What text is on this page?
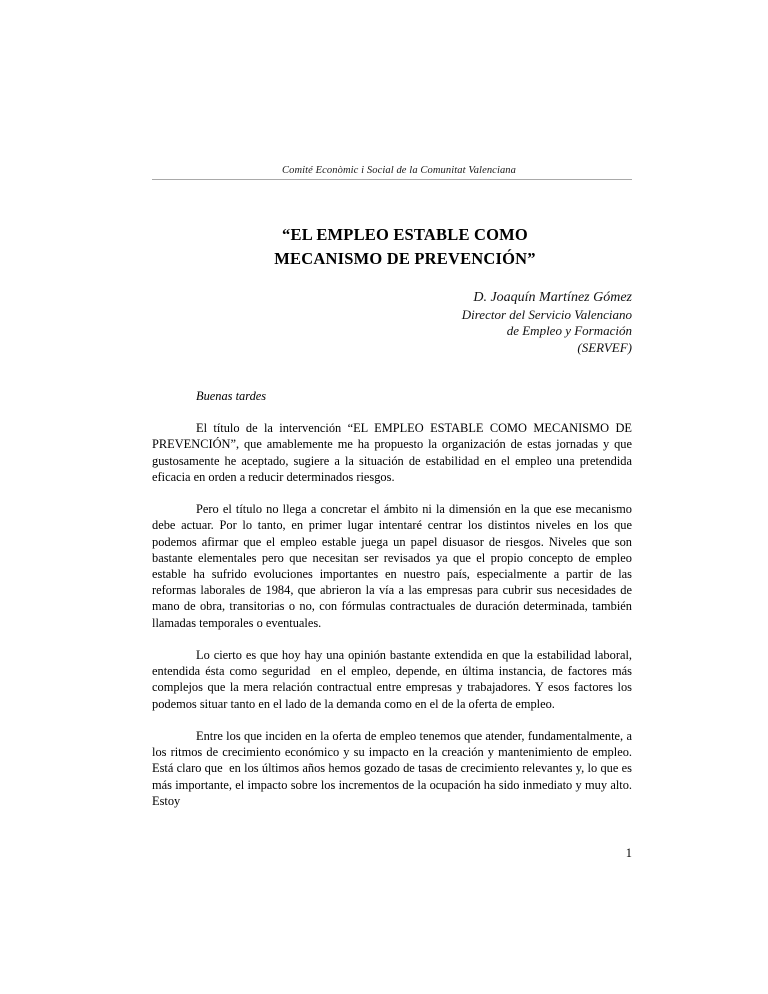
Comité Econòmic i Social de la Comunitat Valenciana
“EL EMPLEO ESTABLE COMO
MECANISMO DE PREVENCIÓN”
D. Joaquín Martínez Gómez
Director del Servicio Valenciano
de Empleo y Formación
(SERVEF)

Buenas tardes

El título de la intervención “EL EMPLEO ESTABLE COMO MECANISMO DE PREVENCIÓN”, que amablemente me ha propuesto la organización de estas jornadas y que gustosamente he aceptado, sugiere a la situación de estabilidad en el empleo una pretendida eficacia en orden a reducir determinados riesgos.

Pero el título no llega a concretar el ámbito ni la dimensión en la que ese mecanismo debe actuar. Por lo tanto, en primer lugar intentaré centrar los distintos niveles en los que podemos afirmar que el empleo estable juega un papel disuasor de riesgos. Niveles que son bastante elementales pero que necesitan ser revisados ya que el propio concepto de empleo estable ha sufrido evoluciones importantes en nuestro país, especialmente a partir de las reformas laborales de 1984, que abrieron la vía a las empresas para cubrir sus necesidades de mano de obra, transitorias o no, con fórmulas contractuales de duración determinada, también llamadas temporales o eventuales.

Lo cierto es que hoy hay una opinión bastante extendida en que la estabilidad laboral, entendida ésta como seguridad  en el empleo, depende, en última instancia, de factores más complejos que la mera relación contractual entre empresas y trabajadores. Y esos factores los podemos situar tanto en el lado de la demanda como en el de la oferta de empleo.

Entre los que inciden en la oferta de empleo tenemos que atender, fundamentalmente, a los ritmos de crecimiento económico y su impacto en la creación y mantenimiento de empleo. Está claro que  en los últimos años hemos gozado de tasas de crecimiento relevantes y, lo que es más importante, el impacto sobre los incrementos de la ocupación ha sido inmediato y muy alto. Estoy

1
